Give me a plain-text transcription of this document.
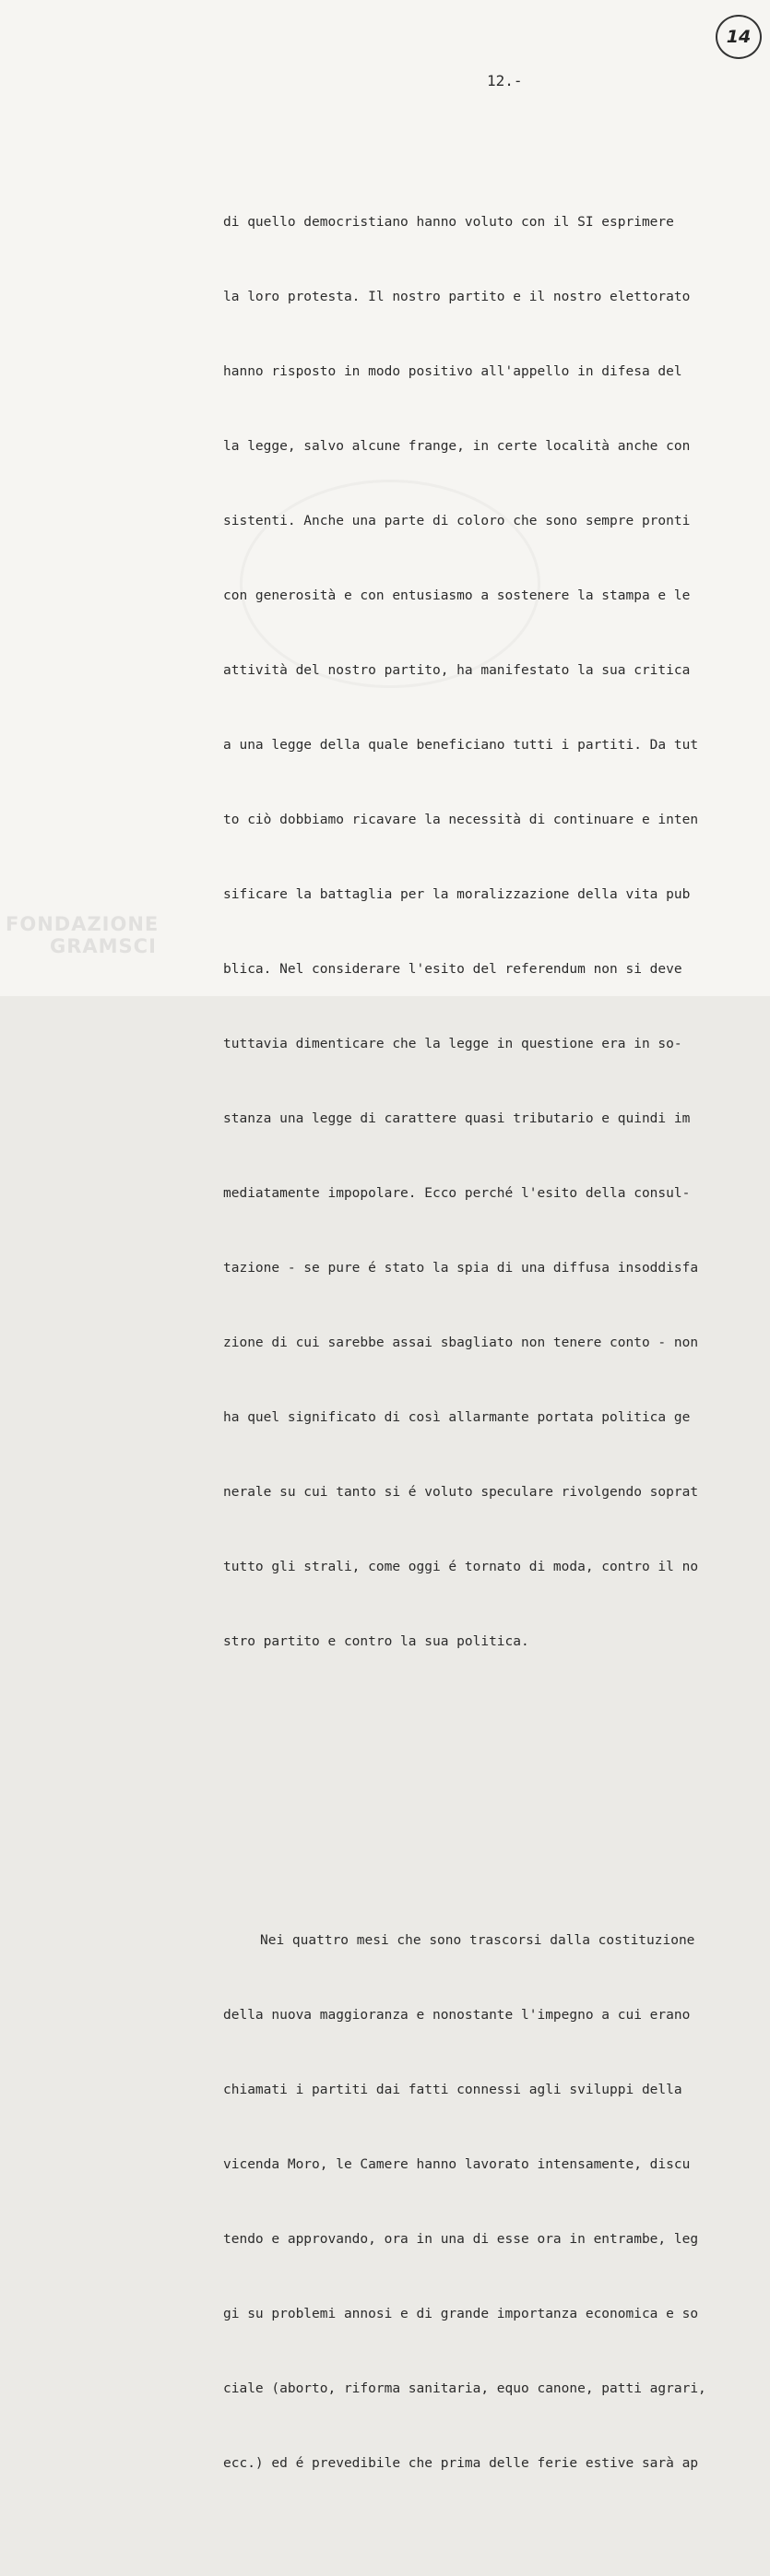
14
12.-

di quello democristiano hanno voluto con il SI esprimere

la loro protesta. Il nostro partito e il nostro elettorato

hanno risposto in modo positivo all'appello in difesa del

la legge, salvo alcune frange, in certe località anche con

sistenti. Anche una parte di coloro che sono sempre pronti

con generosità e con entusiasmo a sostenere la stampa e le

attività del nostro partito, ha manifestato la sua critica

a una legge della quale beneficiano tutti i partiti. Da tut

to ciò dobbiamo ricavare la necessità di continuare e inten

sificare la battaglia per la moralizzazione della vita pub

blica. Nel considerare l'esito del referendum non si deve

tuttavia dimenticare che la legge in questione era in so-

stanza una legge di carattere quasi tributario e quindi im

mediatamente impopolare. Ecco perché l'esito della consul-

tazione - se pure é stato la spia di una diffusa insoddisfa

zione di cui sarebbe assai sbagliato non tenere conto - non

ha quel significato di così allarmante portata politica ge

nerale su cui tanto si é voluto speculare rivolgendo soprat

tutto gli strali, come oggi é tornato di moda, contro il no

stro partito e contro la sua politica.

Nei quattro mesi che sono trascorsi dalla costituzione

della nuova maggioranza e nonostante l'impegno a cui erano

chiamati i partiti dai fatti connessi agli sviluppi della

vicenda Moro, le Camere hanno lavorato intensamente, discu

tendo e approvando, ora in una di esse ora in entrambe, leg

gi su problemi annosi e di grande importanza economica e so

ciale (aborto, riforma sanitaria, equo canone, patti agrari,

ecc.) ed é prevedibile che prima delle ferie estive sarà ap

FONDAZIONE
GRAMSCI
